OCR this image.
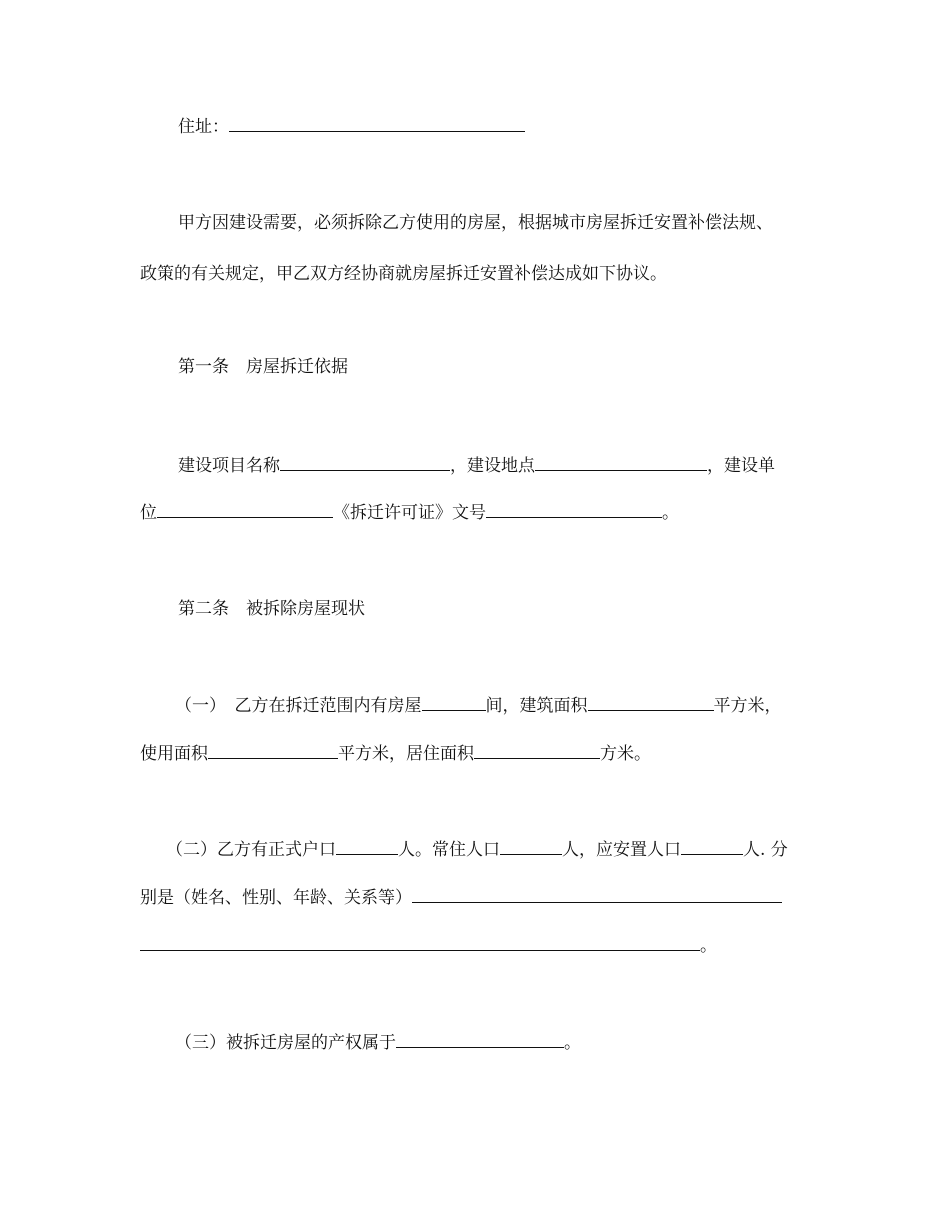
住址：
甲方因建设需要，必须拆除乙方使用的房屋，根据城市房屋拆迁安置补偿法规、
政策的有关规定，甲乙双方经协商就房屋拆迁安置补偿达成如下协议。
第一条　房屋拆迁依据
建设项目名称	，建设地点	，建设单
位	《拆迁许可证》文号	。
第二条　被拆除房屋现状
（一）　乙方在拆迁范围内有房屋	间，建筑面积	平方米，
使用面积	平方米，居住面积	方米。
（二）乙方有正式户口	人。常住人口	人，应安置人口	人. 分
别是（姓名、性别、年龄、关系等）
。
（三）被拆迁房屋的产权属于	。
